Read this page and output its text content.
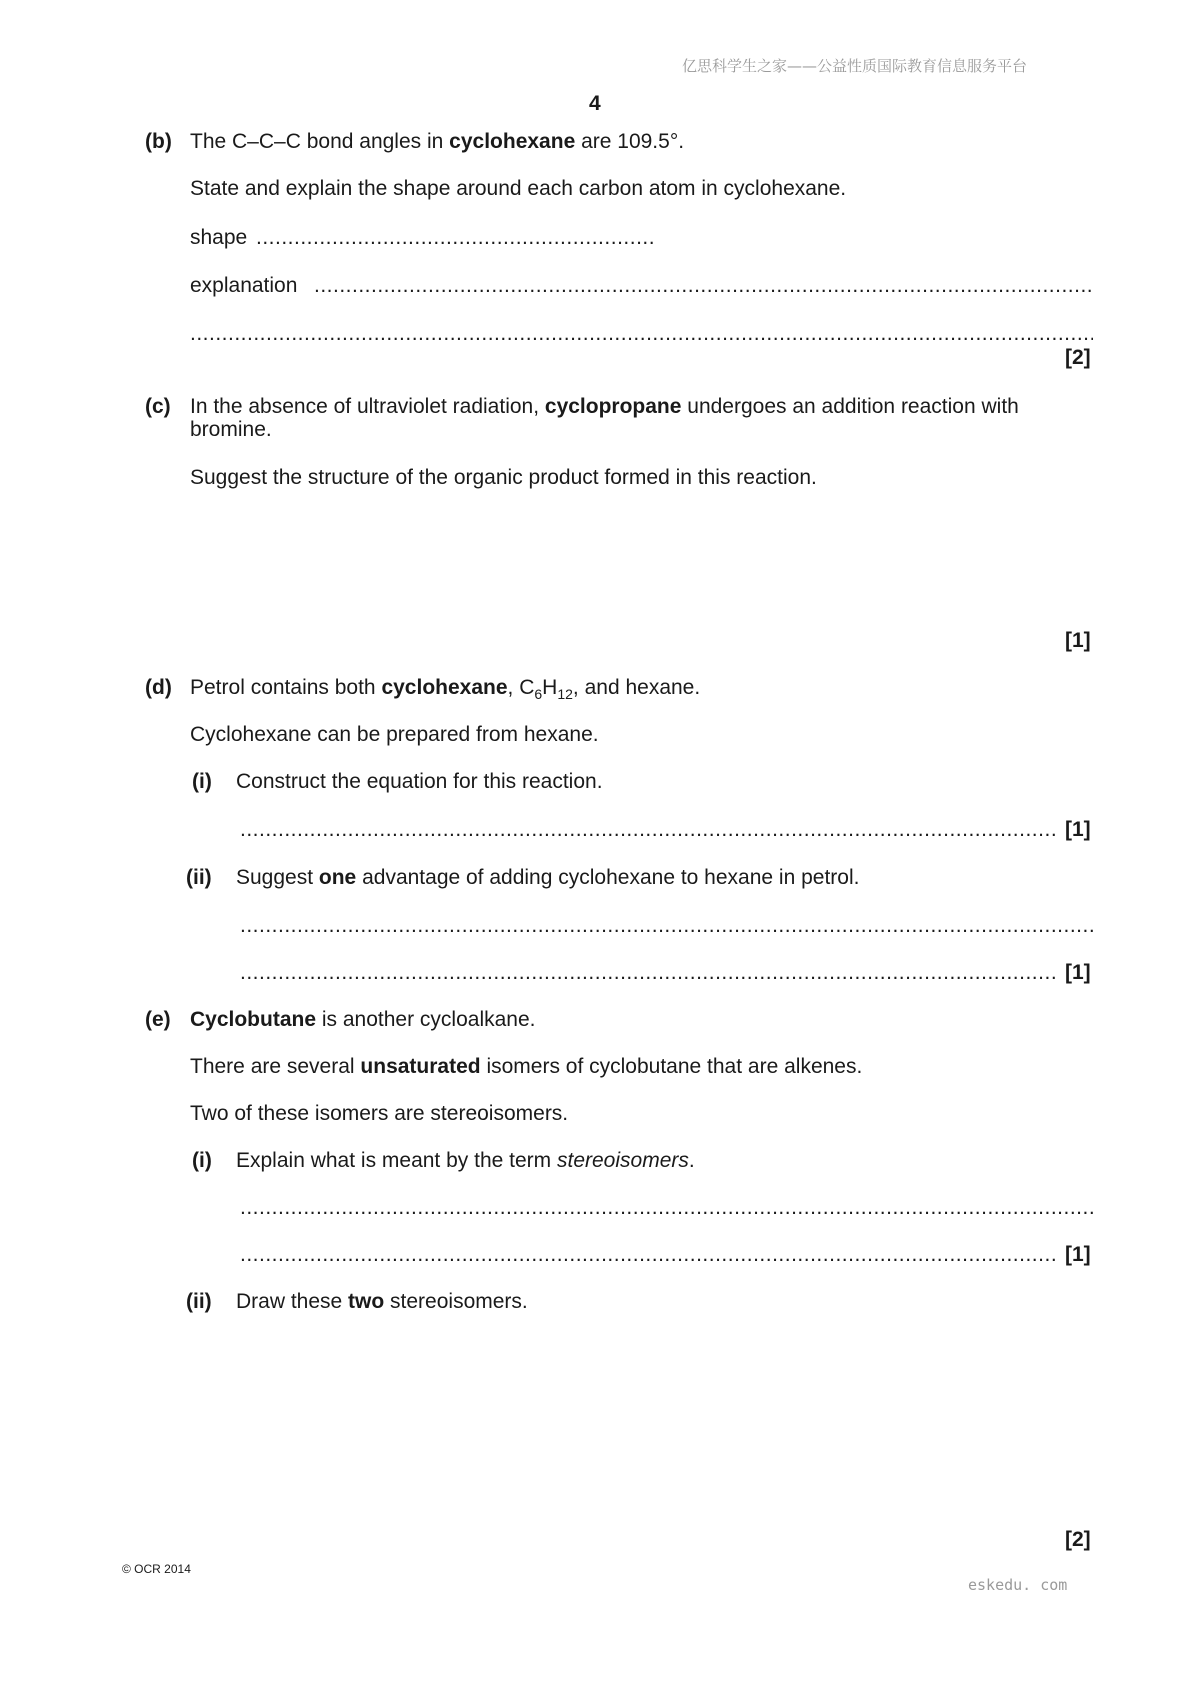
亿思科学生之家——公益性质国际教育信息服务平台
4
(b) The C–C–C bond angles in cyclohexane are 109.5°.
State and explain the shape around each carbon atom in cyclohexane.
shape
.....
explanation
.....
.....
[2]
(c) In the absence of ultraviolet radiation, cyclopropane undergoes an addition reaction with
bromine.
Suggest the structure of the organic product formed in this reaction.
[1]
(d) Petrol contains both cyclohexane, $C_6H_{12}$, and hexane.
Cyclohexane can be prepared from hexane.
(i) Construct the equation for this reaction.
.....
[1]
(ii) Suggest one advantage of adding cyclohexane to hexane in petrol.
.....
.....
[1]
(e) Cyclobutane is another cycloalkane.
There are several unsaturated isomers of cyclobutane that are alkenes.
Two of these isomers are stereoisomers.
(i) Explain what is meant by the term stereoisomers.
.....
.....
[1]
(ii) Draw these two stereoisomers.
[2]
© OCR 2014
eskedu. com
